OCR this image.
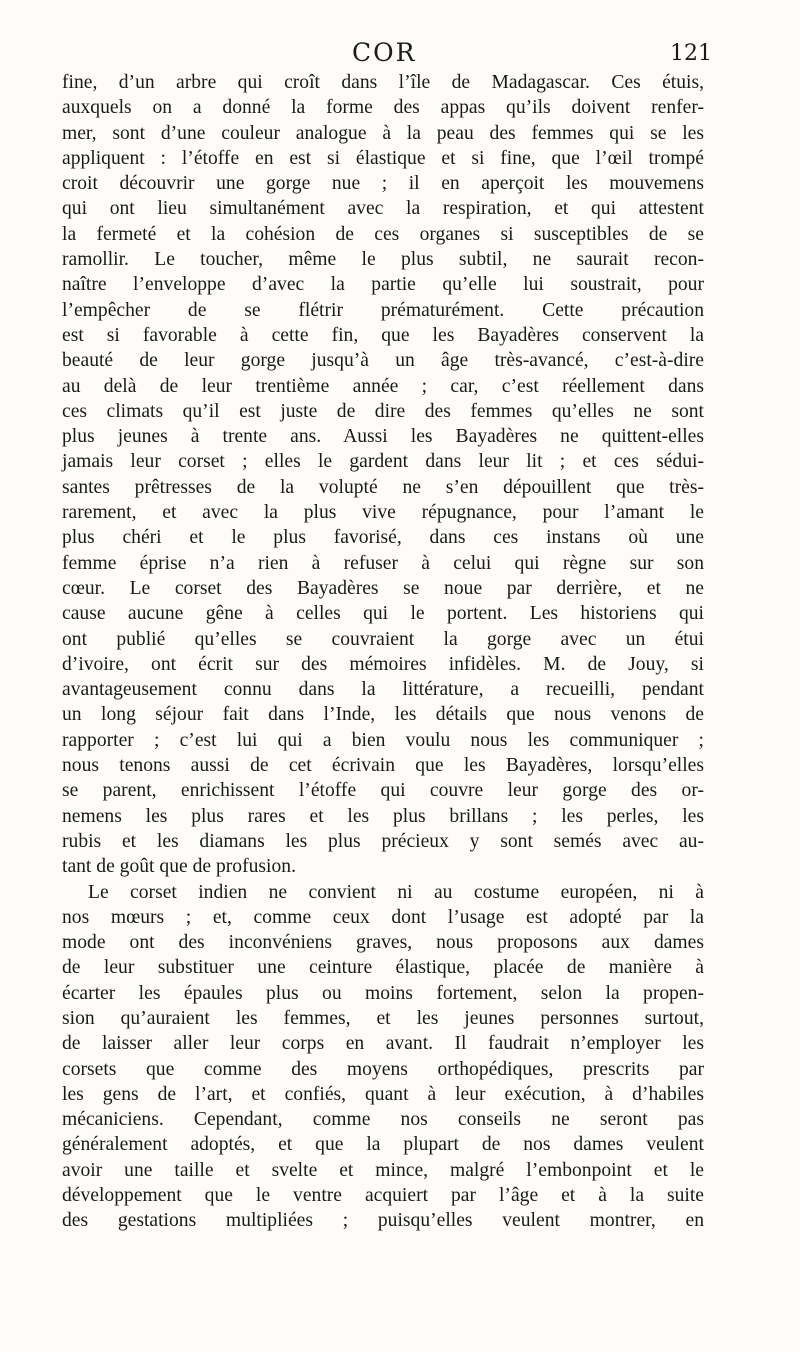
COR	121
fine, d’un arbre qui croît dans l’île de Madagascar. Ces étuis,
auxquels on a donné la forme des appas qu’ils doivent renfer-
mer, sont d’une couleur analogue à la peau des femmes qui se les
appliquent : l’étoffe en est si élastique et si fine, que l’œil trompé
croit découvrir une gorge nue ; il en aperçoit les mouvemens
qui ont lieu simultanément avec la respiration, et qui attestent
la fermeté et la cohésion de ces organes si susceptibles de se
ramollir. Le toucher, même le plus subtil, ne saurait recon-
naître l’enveloppe d’avec la partie qu’elle lui soustrait, pour
l’empêcher de se flétrir prématurément. Cette précaution
est si favorable à cette fin, que les Bayadères conservent la
beauté de leur gorge jusqu’à un âge très-avancé, c’est-à-dire
au delà de leur trentième année ; car, c’est réellement dans
ces climats qu’il est juste de dire des femmes qu’elles ne sont
plus jeunes à trente ans. Aussi les Bayadères ne quittent-elles
jamais leur corset ; elles le gardent dans leur lit ; et ces sédui-
santes prêtresses de la volupté ne s’en dépouillent que très-
rarement, et avec la plus vive répugnance, pour l’amant le
plus chéri et le plus favorisé, dans ces instans où une
femme éprise n’a rien à refuser à celui qui règne sur son
cœur. Le corset des Bayadères se noue par derrière, et ne
cause aucune gêne à celles qui le portent. Les historiens qui
ont publié qu’elles se couvraient la gorge avec un étui
d’ivoire, ont écrit sur des mémoires infidèles. M. de Jouy, si
avantageusement connu dans la littérature, a recueilli, pendant
un long séjour fait dans l’Inde, les détails que nous venons de
rapporter ; c’est lui qui a bien voulu nous les communiquer ;
nous tenons aussi de cet écrivain que les Bayadères, lorsqu’elles
se parent, enrichissent l’étoffe qui couvre leur gorge des or-
nemens les plus rares et les plus brillans ; les perles, les
rubis et les diamans les plus précieux y sont semés avec au-
tant de goût que de profusion.
Le corset indien ne convient ni au costume européen, ni à
nos mœurs ; et, comme ceux dont l’usage est adopté par la
mode ont des inconvéniens graves, nous proposons aux dames
de leur substituer une ceinture élastique, placée de manière à
écarter les épaules plus ou moins fortement, selon la propen-
sion qu’auraient les femmes, et les jeunes personnes surtout,
de laisser aller leur corps en avant. Il faudrait n’employer les
corsets que comme des moyens orthopédiques, prescrits par
les gens de l’art, et confiés, quant à leur exécution, à d’habiles
mécaniciens. Cependant, comme nos conseils ne seront pas
généralement adoptés, et que la plupart de nos dames veulent
avoir une taille et svelte et mince, malgré l’embonpoint et le
développement que le ventre acquiert par l’âge et à la suite
des gestations multipliées ; puisqu’elles veulent montrer, en
